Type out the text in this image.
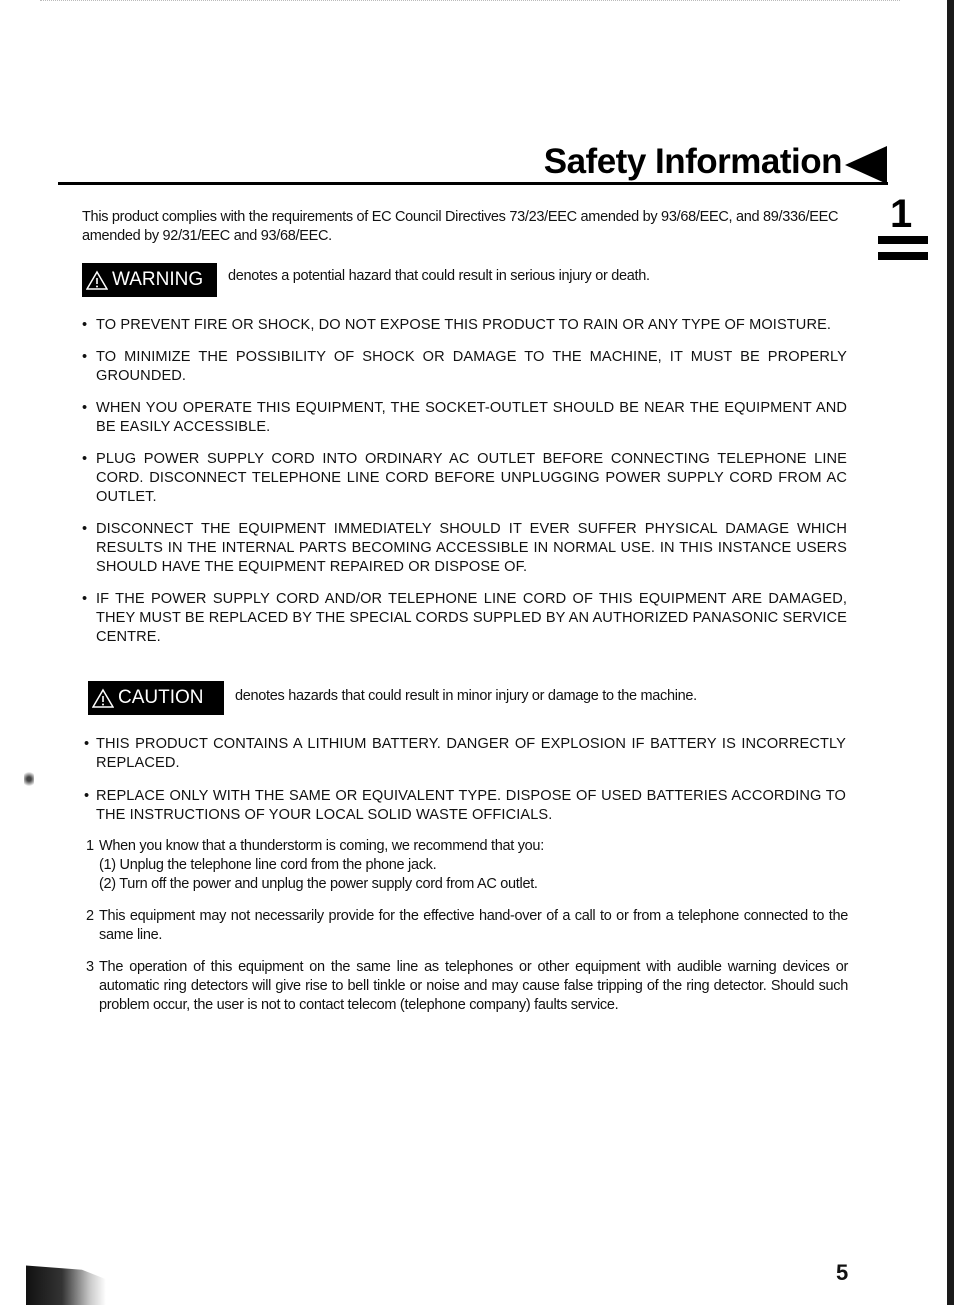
Safety Information
1
This product complies with the requirements of EC Council Directives 73/23/EEC amended by 93/68/EEC, and 89/336/EEC amended by 92/31/EEC and 93/68/EEC.
WARNING denotes a potential hazard that could result in serious injury or death.
• TO PREVENT FIRE OR SHOCK, DO NOT EXPOSE THIS PRODUCT TO RAIN OR ANY TYPE OF MOISTURE.
• TO MINIMIZE THE POSSIBILITY OF SHOCK OR DAMAGE TO THE MACHINE, IT MUST BE PROPERLY GROUNDED.
• WHEN YOU OPERATE THIS EQUIPMENT, THE SOCKET-OUTLET SHOULD BE NEAR THE EQUIPMENT AND BE EASILY ACCESSIBLE.
• PLUG POWER SUPPLY CORD INTO ORDINARY AC OUTLET BEFORE CONNECTING TELEPHONE LINE CORD. DISCONNECT TELEPHONE LINE CORD BEFORE UNPLUGGING POWER SUPPLY CORD FROM AC OUTLET.
• DISCONNECT THE EQUIPMENT IMMEDIATELY SHOULD IT EVER SUFFER PHYSICAL DAMAGE WHICH RESULTS IN THE INTERNAL PARTS BECOMING ACCESSIBLE IN NORMAL USE. IN THIS INSTANCE USERS SHOULD HAVE THE EQUIPMENT REPAIRED OR DISPOSE OF.
• IF THE POWER SUPPLY CORD AND/OR TELEPHONE LINE CORD OF THIS EQUIPMENT ARE DAMAGED, THEY MUST BE REPLACED BY THE SPECIAL CORDS SUPPLED BY AN AUTHORIZED PANASONIC SERVICE CENTRE.
CAUTION denotes hazards that could result in minor injury or damage to the machine.
• THIS PRODUCT CONTAINS A LITHIUM BATTERY. DANGER OF EXPLOSION IF BATTERY IS INCORRECTLY REPLACED.
• REPLACE ONLY WITH THE SAME OR EQUIVALENT TYPE. DISPOSE OF USED BATTERIES ACCORDING TO THE INSTRUCTIONS OF YOUR LOCAL SOLID WASTE OFFICIALS.
1 When you know that a thunderstorm is coming, we recommend that you:
(1) Unplug the telephone line cord from the phone jack.
(2) Turn off the power and unplug the power supply cord from AC outlet.
2 This equipment may not necessarily provide for the effective hand-over of a call to or from a telephone connected to the same line.
3 The operation of this equipment on the same line as telephones or other equipment with audible warning devices or automatic ring detectors will give rise to bell tinkle or noise and may cause false tripping of the ring detector. Should such problem occur, the user is not to contact telecom (telephone company) faults service.
5
